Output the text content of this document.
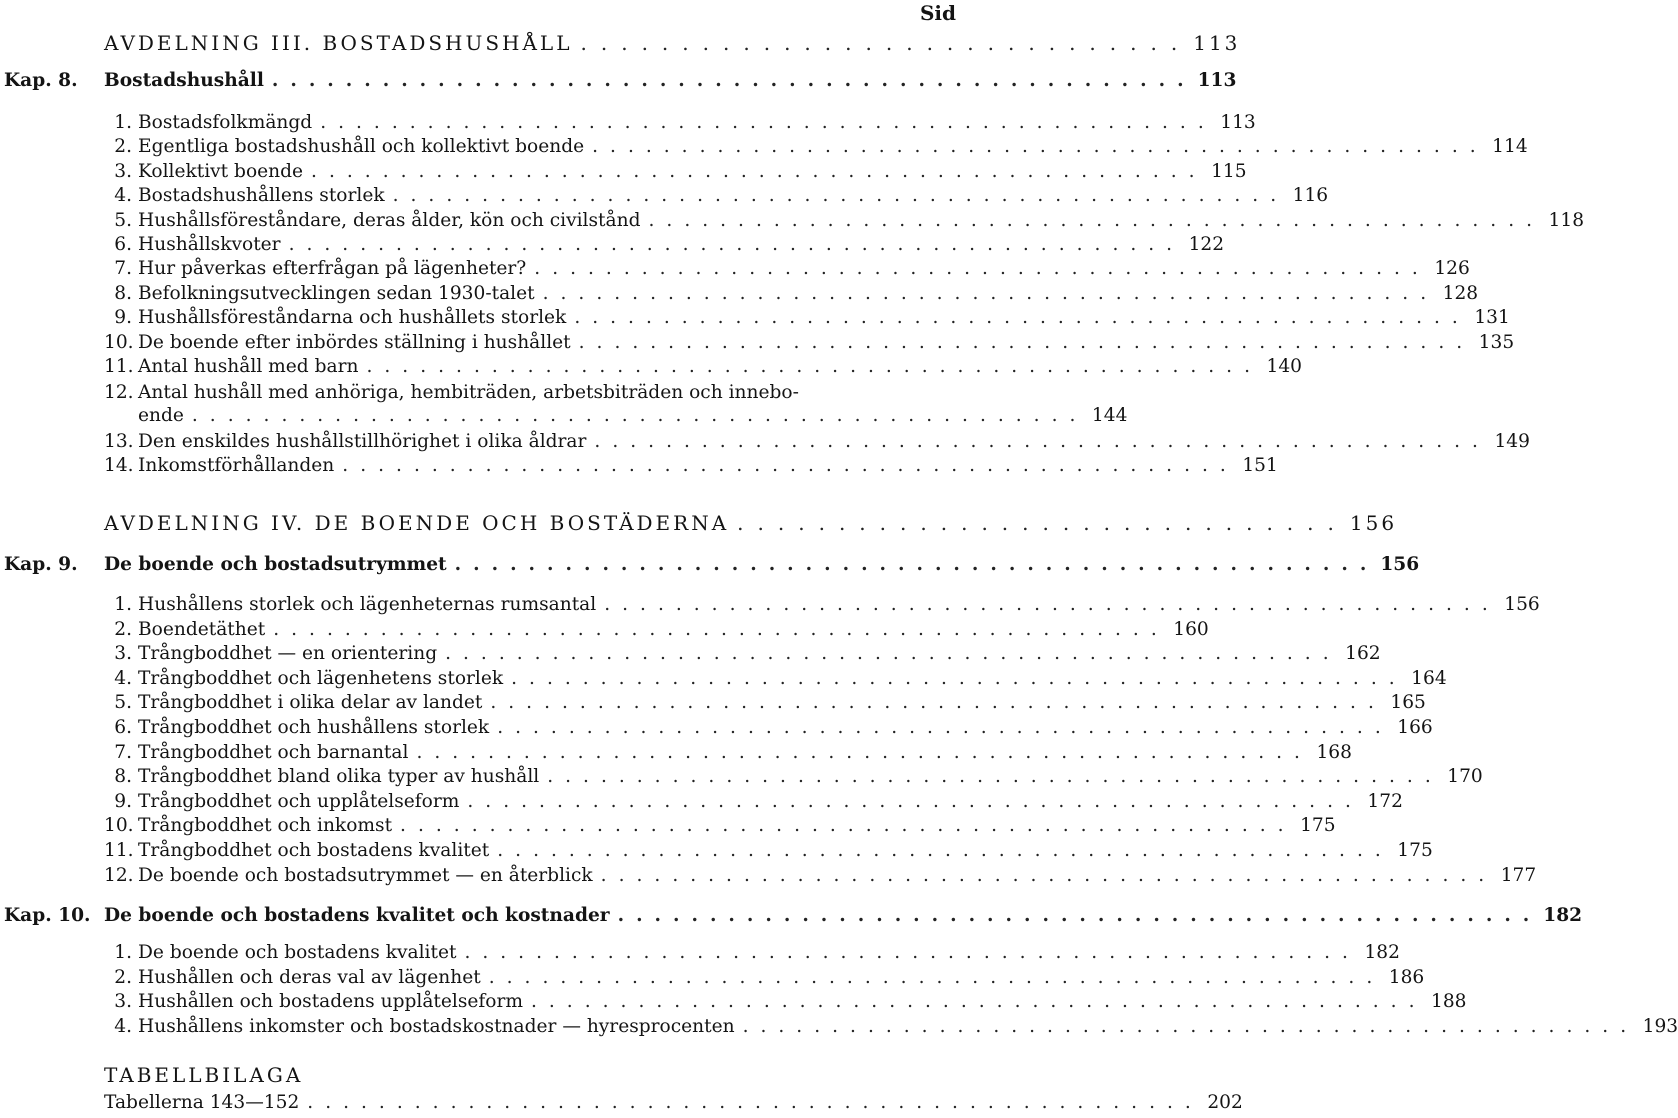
Sid
AVDELNING III. BOSTADSHUSHÅLL .............................. 113
Kap. 8.	Bostadshushåll .................................................. 113
1. Bostadsfolkmängd .................................................. 113
2. Egentliga bostadshushåll och kollektivt boende .................................................. 114
3. Kollektivt boende .................................................. 115
4. Bostadshushållens storlek .................................................. 116
5. Hushållsföreståndare, deras ålder, kön och civilstånd .................................................. 118
6. Hushållskvoter .................................................. 122
7. Hur påverkas efterfrågan på lägenheter? .................................................. 126
8. Befolkningsutvecklingen sedan 1930-talet .................................................. 128
9. Hushållsföreståndarna och hushållets storlek .................................................. 131
10. De boende efter inbördes ställning i hushållet .................................................. 135
11. Antal hushåll med barn .................................................. 140
12. Antal hushåll med anhöriga, hembiträden, arbetsbiträden och innebo-
ende .................................................. 144
13. Den enskildes hushållstillhörighet i olika åldrar .................................................. 149
14. Inkomstförhållanden .................................................. 151
AVDELNING IV. DE BOENDE OCH BOSTÄDERNA .............................. 156
Kap. 9.	De boende och bostadsutrymmet .................................................. 156
1. Hushållens storlek och lägenheternas rumsantal .................................................. 156
2. Boendetäthet .................................................. 160
3. Trångboddhet — en orientering .................................................. 162
4. Trångboddhet och lägenhetens storlek .................................................. 164
5. Trångboddhet i olika delar av landet .................................................. 165
6. Trångboddhet och hushållens storlek .................................................. 166
7. Trångboddhet och barnantal .................................................. 168
8. Trångboddhet bland olika typer av hushåll .................................................. 170
9. Trångboddhet och upplåtelseform .................................................. 172
10. Trångboddhet och inkomst .................................................. 175
11. Trångboddhet och bostadens kvalitet .................................................. 175
12. De boende och bostadsutrymmet — en återblick .................................................. 177
Kap. 10. De boende och bostadens kvalitet och kostnader .................................................. 182
1. De boende och bostadens kvalitet .................................................. 182
2. Hushållen och deras val av lägenhet .................................................. 186
3. Hushållen och bostadens upplåtelseform .................................................. 188
4. Hushållens inkomster och bostadskostnader — hyresprocenten .................................................. 193
TABELLBILAGA
Tabellerna 143—152 .................................................. 202
